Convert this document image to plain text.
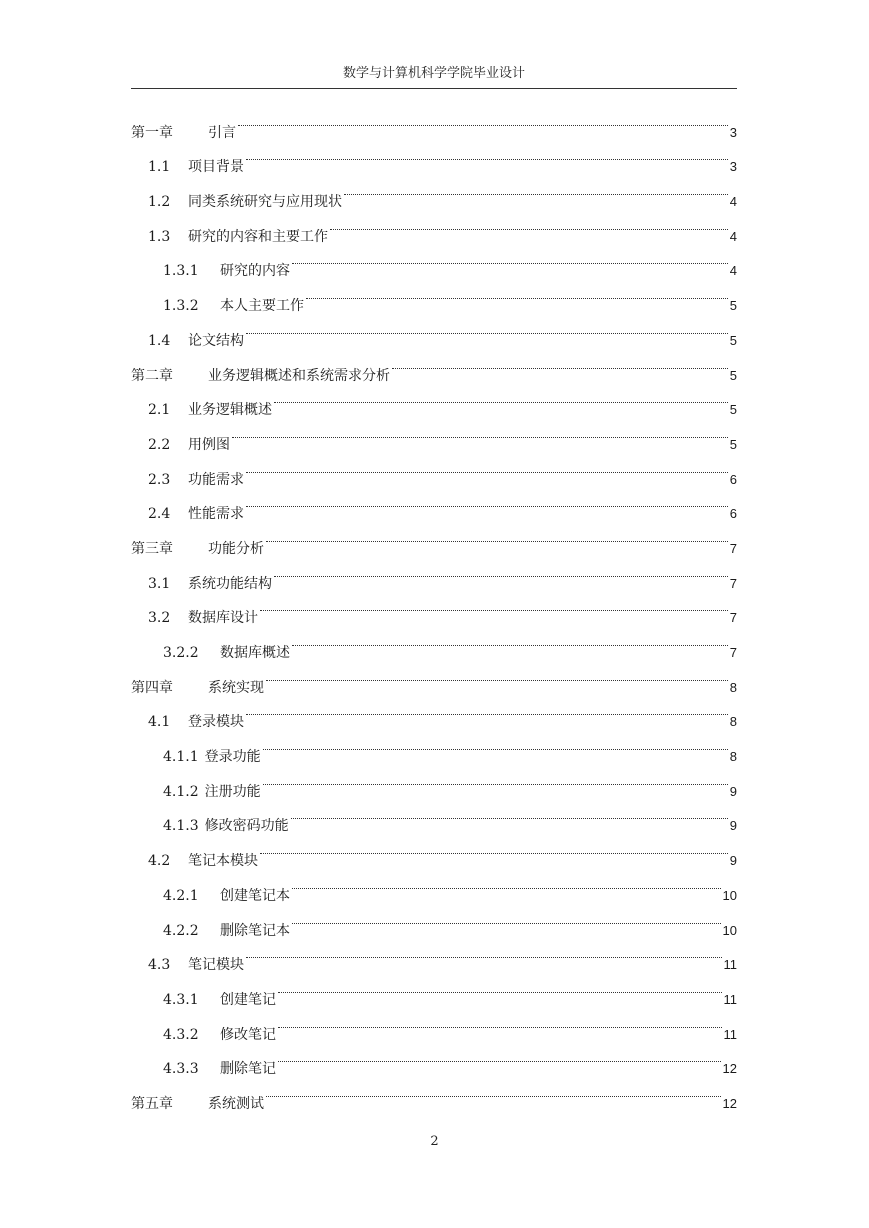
数学与计算机科学学院毕业设计
第一章	引言	3
1.1	项目背景	3
1.2	同类系统研究与应用现状	4
1.3	研究的内容和主要工作	4
1.3.1	研究的内容	4
1.3.2	本人主要工作	5
1.4	论文结构	5
第二章	业务逻辑概述和系统需求分析	5
2.1	业务逻辑概述	5
2.2	用例图	5
2.3	功能需求	6
2.4	性能需求	6
第三章	功能分析	7
3.1	系统功能结构	7
3.2	数据库设计	7
3.2.2	数据库概述	7
第四章	系统实现	8
4.1	登录模块	8
4.1.1 登录功能	8
4.1.2 注册功能	9
4.1.3 修改密码功能	9
4.2	笔记本模块	9
4.2.1	创建笔记本	10
4.2.2	删除笔记本	10
4.3	笔记模块	11
4.3.1	创建笔记	11
4.3.2	修改笔记	11
4.3.3	删除笔记	12
第五章	系统测试	12
2
